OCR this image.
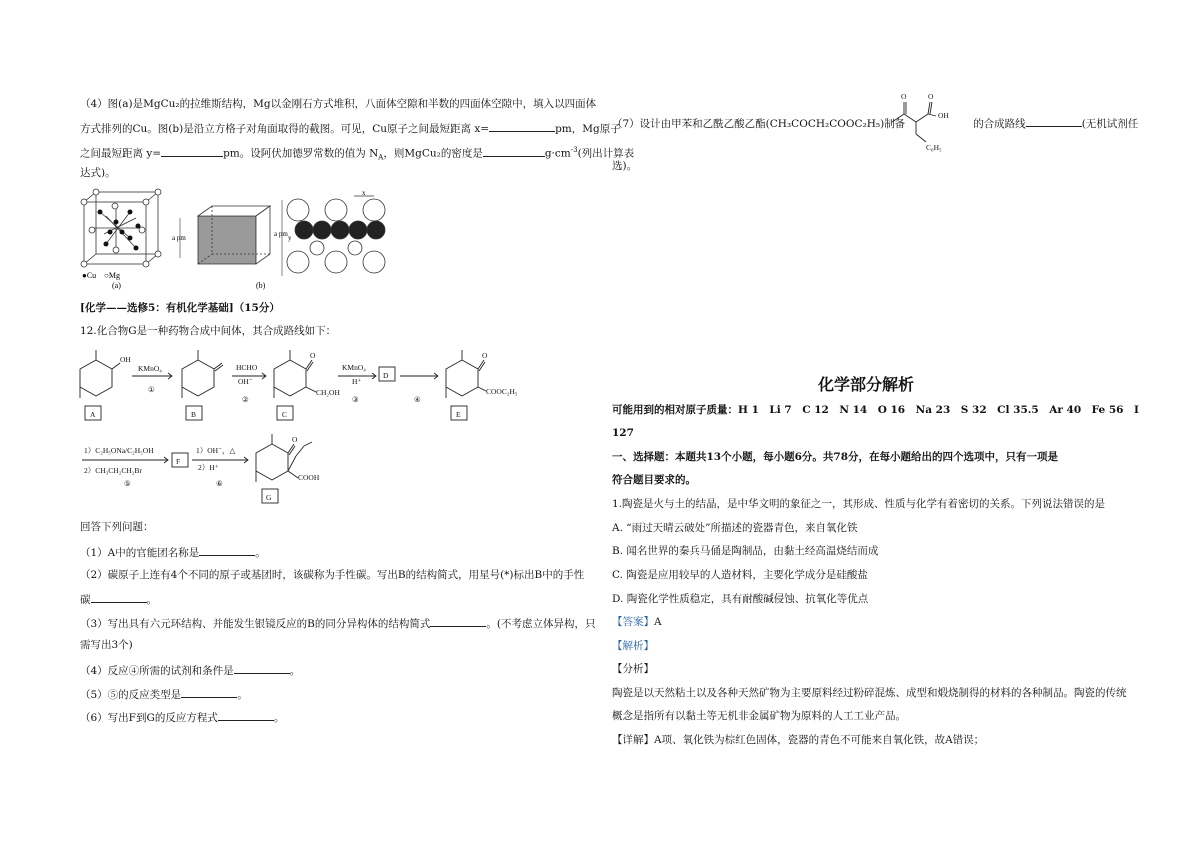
（4）图(a)是MgCu₂的拉维斯结构，Mg以金刚石方式堆积，八面体空隙和半数的四面体空隙中，填入以四面体
方式排列的Cu。图(b)是沿立方格子对角面取得的截图。可见，Cu原子之间最短距离 x=	pm，Mg原子
之间最短距离 y=	pm。设阿伏加德罗常数的值为 $N_A$，则MgCu₂的密度是	$g\cdot cm^{-3}$(列出计算表
达式)。
●Cu ○Mg
(a)
a pm
x
y
a pm
(b)
[化学——选修5：有机化学基础]（15分）
12.化合物G是一种药物合成中间体，其合成路线如下：
OH
A
KMnO₄
①
B
HCHO
OH⁻
②
O
CH₂OH
C
KMnO₄
H⁺
③
D
④
O
COOC₂H₅
E
1）C₂H₅ONa/C₂H₅OH
2）CH₃CH₂CH₂Br
⑤
F
1）OH⁻，△
2）H⁺
⑥
O
COOH
G
回答下列问题：
（1）A中的官能团名称是	。
（2）碳原子上连有4个不同的原子或基团时，该碳称为手性碳。写出B的结构简式，用星号(*)标出B中的手性
碳	。
（3）写出具有六元环结构、并能发生银镜反应的B的同分异构体的结构简式	。(不考虑立体异构，只
需写出3个)
（4）反应④所需的试剂和条件是	。
（5）⑤的反应类型是	。
（6）写出F到G的反应方程式	。
（7）设计由甲苯和乙酰乙酸乙酯(CH₃COCH₂COOC₂H₅)制备	的合成路线	(无机试剂任
O	O
OH
C₆H₅
选)。
化学部分解析
可能用到的相对原子质量：H 1　Li 7　C 12　N 14　O 16　Na 23　S 32　Cl 35.5　Ar 40　Fe 56　I
127
一、选择题：本题共13个小题，每小题6分。共78分，在每小题给出的四个选项中，只有一项是
符合题目要求的。
1.陶瓷是火与土的结晶，是中华文明的象征之一，其形成、性质与化学有着密切的关系。下列说法错误的是
A. “雨过天晴云破处”所描述的瓷器青色，来自氧化铁
B. 闻名世界的秦兵马俑是陶制品，由黏土经高温烧结而成
C. 陶瓷是应用较早的人造材料，主要化学成分是硅酸盐
D. 陶瓷化学性质稳定，具有耐酸碱侵蚀、抗氧化等优点
【答案】A
【解析】
【分析】
陶瓷是以天然粘土以及各种天然矿物为主要原料经过粉碎混炼、成型和煅烧制得的材料的各种制品。陶瓷的传统
概念是指所有以黏土等无机非金属矿物为原料的人工工业产品。
【详解】A项、氧化铁为棕红色固体，瓷器的青色不可能来自氧化铁，故A错误；
